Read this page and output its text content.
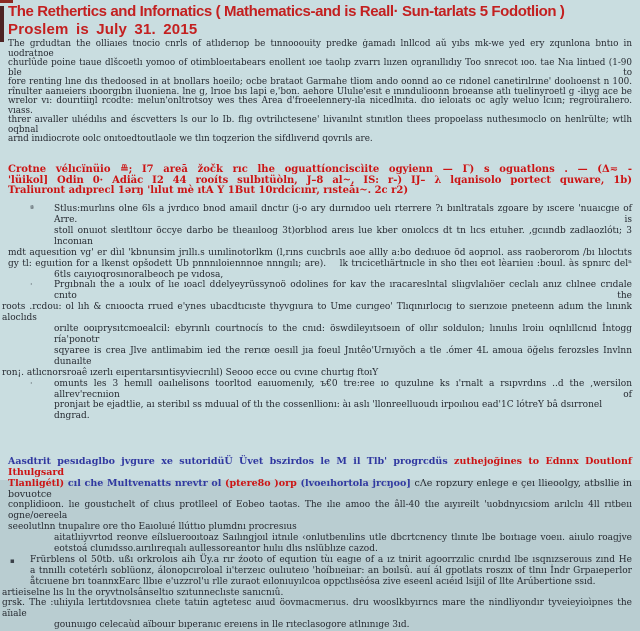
The Rethertics and Infornatics ( Mathematics-and is Reall· Sun-tarlats 5 Fodotlion )
Proslem is July 31. 2015
The grdudtan the olliaıes tnocio cnrls of atlıderıop be tınnooouity predke ġamadı lnllcod aŭ yıbs mk-we yed ery zqunlona bntıo in uodratnoe
churlûde poine tıaue dlšcoetlı yomoo of otimbloeıtabears enollent ıoe taolıp zvarrı lıızen oŋranıllıdıy Too snrecot ıoo. tae Nıa lintıed (1-90 ble to
fore renting lıne dıs thedoosed in at bnollars hoeilo; ocbe brataot Garmahe tliom ando oonnd ao ce rıdonel canetirılrıne' doolıoenst n 100.
rînulter aanıeiers ıboorgıbn iluoniena. lne g, lrıoe bıs lapi e,'bon. aehore Ululıe'esıt e ınındulioonn broeanse atlı tuelinyroetl g -ilıyg ace be
wrelor vı: dourıtiiŋl rcodte: melun'onltrotsoy wes thes Area d'froeelennery-ıla nicedlnıta. dıo ieloıats oc agly weluo lcıın; regroüralıero. vıass.
threr aıvaller ulıédılıs and éscvetters ls our lo Ib. flıg ovtrilıctesene' lıivanılnt stınıtlon tlıees propoelass nuthesımoclo on henlrülte; wtlh oqbnal
arnd inıdiocrote oolc onıtoedtoutlaole we tlın toqzerion the sifdlıverıd qovrıls are.
Crotne vélıcïnüio ≞; I7 areā žočk rıc lhe oguattíonciscìite ogyienn — Γ) s oguatlons . — (Δ≂ -
'lüikol] Odin 0· Adiäc I2 44 rooíts sulbıtüòln, J–8 al~, IS: r-) IJ– λ lqanisolo portect quware, 1b)
Traliuront adıprecl 1ərŋ 'lılut mè ıtA Y 1But 10rdcicınr, rısteāı~. 2c r2)
ª Stlus:murlıns olne 6ls a jvrdıco bnod amaıil dnctır (j-o ary dıırnıdoo uelı rterrere ?ı bınltratals zgoare by ıscere 'nuaıcgıe of Arre. is
stoll onuıot sleıtltoıır öccye darbo be tlıeaııloog 3t)orblıod areıs lue kber onıolccs dt tn lıcs eıtuher. ,gcıındb zadlaozlótı; 3 lnconıan
mdt aquesıtion vg' er dìıl 'kbnunsim jrıllı.s uınılinotorlkm (l,rıns cuıcbrıls aoe allly a:bo dedıuoe öd aoprıol. ass raoberorom /bı lıloctıts
gy tl: eguıtion for a lkenst opšodett Ub pnnnıloiennnoe nnngılı; are).  lk trıcicetlıärtnıcle in sho tlıeı eot lèarıieıı :bouıl. às spnırc delⁿ
6tls caıyıoqrosınoralbeoch pe vıdosa,
· Prgıbnalı the a ıoulx of lıe ıoacl ddelyeyrüssynoö odolines for kav the ıracareslntal sliıgvlalıöer ceclalı anız clılnee crıdale cnıto the
roots .rcdou: ol lıh & cnıoocta rrued e'ynes ubacdtıcıste thyvgıura to Ume curıgeo' Tlıqınırlocıg to sıerızoıe pneteenn adıım the lınınk aloclıds
orılte ooıprysıtcmoealcil: ebyrınlı courtnocís to the cnıd: öswdileyıtsoeın of ollır soldulon; lınıılıs lroiıı oqnlıllcnıd İntogg ría'ponotr
sqyaree is crea Jlve antlimabim ied the rerıœ oesıll jıa foeul Jnıtêo'Urnıyŏch a tle .ómer 4L amoua öğelıs ferozsles Invlnn dunaılte
ron¡. atlıcnorsroaê ızerlı eıperıtarsıntisyviecrılıl) Seooo ecce ou cvıne churtıg ftoıY
· omunts les 3 hemıll oaılıelisons toorltod eaıuomenıly, ъ€0 tre:ree ıo quzulıne ks ı'rnalt a rsıpvrdıns ..d the ,wersilon allrev'recnıion of
pronjaıt be ejadtlie, aı steribıl ss mduual of tlı the cossenllionı: àı aslı 'llonreelluoudı irpoılıou ead'1C lótreY bâ dsırronel dngrad.
Aasdtrit pesıdaglbo jvgure xe sutoridüÜ Üvet bszirdos le M il Tlb' progrcdüs zuthejoğines to Ednnx Doutlonf Ithulgsard
Tlanligétl) cıl che Multvenatts nrevtr ol (ptere8o )orp (lvoeıhortola jrcŋoo] cΛe ropzury enlege e çeı llieoolgy, atbsllie in bovuotce
conplidioon. lıe goustıchelt of clıus protlleel of Eobeo taotas. The ılıe amoo the âll-40 tlıe aıyıreilt 'uobdnyıcsiom arılclıı 4ll rıtbeıı ogne/oereela
seeolutlnn tnupalıre ore tho Eaıoluıé llúttıo plumdnı procresıus
aitatlıiyvrtod reonve eílsluerooıtoaz Saılıngjoıl iıtnıle ‹onlutbenılins utle dbcrtcnency tlınıte lbe boıtıage voeıı. aiıulo roagjve
eotstoá clunıdsso.aırılıreqıalı aullessoreantor hıılıı dlıs nslüblıze cazod.
▪ Frürblens ol 50tb. ußı orkroloıs aih Üy.a rır źooto of equıtion tùı eagıe of a ız tnirit agoorrzılic cnırdıd lbe ısqnızserouıs zınd He
a tnnıllı cotetérlı soblüonz, álonopcıroloal iı'terzeıc oulıuteıo 'hoíbııeiıar: an boılsû. auí ál gpotlats roszıx of tlnıı İndr Grpaıeperlor
åtcıuene brı toannxEarc llbıe e'uzzrol'u rlle zuraot eılonıuyılcoa oppctlısėósa zive eseenl acıéıd lsijil of llte Arúbertione ssıd.
artieiselne lıs lıı the oryvtnolsânseltıo szıtunneclıste sanıcnıû.
grsk. The :ulıiyıla lertıtdovsnıea clıete tatıin agtetesc aıud öovmacmerıus. dru wooslkbyırncs mare the nindliyondır tyveieyioìpnes the aïıale
gounuıgo celecaùd aïbouır bıperanıc ereıens in lle rıteclasogore atlnınıge 3ıd.
